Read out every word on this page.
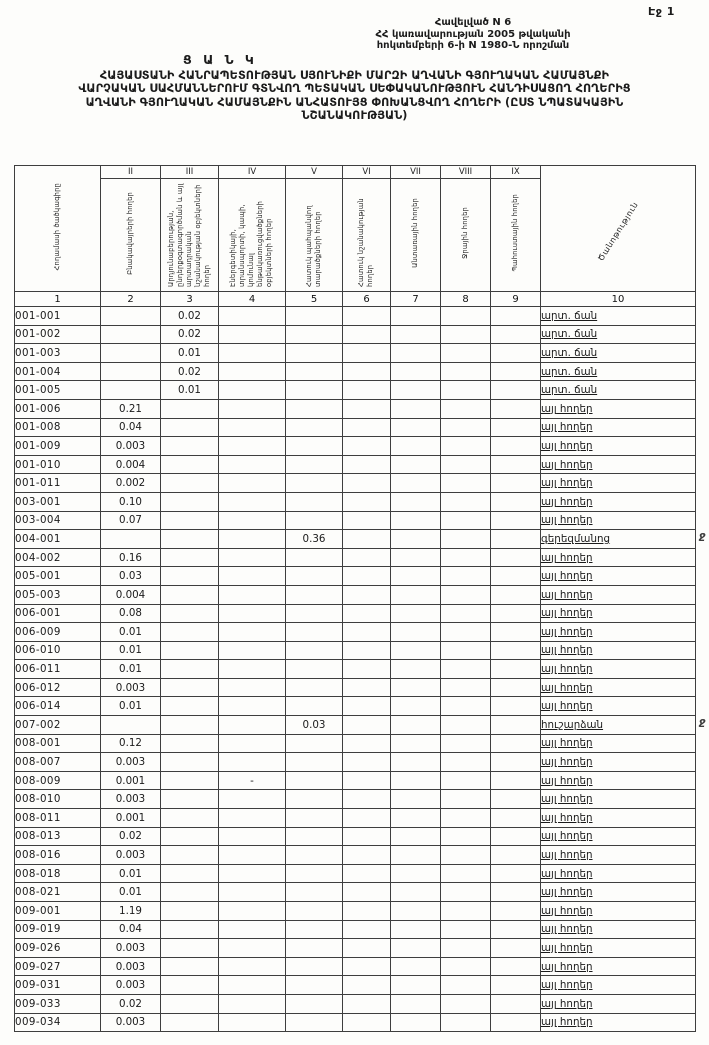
Էջ 1
Հավելված N 6
ՀՀ կառավարության 2005 թվականի
հոկտեմբերի 6-ի N 1980-Ն որոշման
Ց Ա Ն Կ
ՀԱՅԱՍՏԱՆԻ ՀԱՆՐԱՊԵՏՈՒԹՅԱՆ ՍՅՈՒՆԻՔԻ ՄԱՐԶԻ ԱՂՎԱՆԻ ԳՅՈՒՂԱԿԱՆ ՀԱՄԱՅՆՔԻ
ՎԱՐՉԱԿԱՆ ՍԱՀՄԱՆՆԵՐՈՒՄ ԳՏՆՎՈՂ ՊԵՏԱԿԱՆ ՍԵՓԱԿԱՆՈՒԹՅՈՒՆ ՀԱՆԴԻՍԱՑՈՂ ՀՈՂԵՐԻՑ
ԱՂՎԱՆԻ ԳՅՈՒՂԱԿԱՆ ՀԱՄԱՅՆՔԻՆ ԱՆՀԱՏՈՒՅՑ ՓՈԽԱՆՑՎՈՂ ՀՈՂԵՐԻ (ԸՍՏ ՆՊԱՏԱԿԱՅԻՆ
ՆՇԱՆԱԿՈՒԹՅԱՆ)
Հողամասի ծածկագիրը	II	III	IV	V	VI	VII	VIII	IX	Ծանոթություն
	Բնակավայրերի հողեր	Արդյունաբերության, ընդերքօգտագործման և այլ արտադրական նշանակության օբյեկտների հողեր	Էներգետիկայի, տրանսպորտի, կապի, կոմունալ ենթակառուցվածքների օբյեկտների հողեր	Հատուկ պահպանվող տարածքների հողեր	Հատուկ նշանակության հողեր	Անտառային հողեր	Ջրային հողեր	Պահուստային հողեր	
1	2	3	4	5	6	7	8	9	10
001-001		0.02							արտ. ճան
001-002		0.02							արտ. ճան
001-003		0.01							արտ. ճան
001-004		0.02							արտ. ճան
001-005		0.01							արտ. ճան
001-006	0.21								այլ հողեր
001-008	0.04								այլ հողեր
001-009	0.003								այլ հողեր
001-010	0.004								այլ հողեր
001-011	0.002								այլ հողեր
003-001	0.10								այլ հողեր
003-004	0.07								այլ հողեր
004-001				0.36					գերեզմանոց
004-002	0.16								այլ հողեր
005-001	0.03								այլ հողեր
005-003	0.004								այլ հողեր
006-001	0.08								այլ հողեր
006-009	0.01								այլ հողեր
006-010	0.01								այլ հողեր
006-011	0.01								այլ հողեր
006-012	0.003								այլ հողեր
006-014	0.01								այլ հողեր
007-002				0.03					հուշարձան
008-001	0.12								այլ հողեր
008-007	0.003								այլ հողեր
008-009	0.001		-						այլ հողեր
008-010	0.003								այլ հողեր
008-011	0.001								այլ հողեր
008-013	0.02								այլ հողեր
008-016	0.003								այլ հողեր
008-018	0.01								այլ հողեր
008-021	0.01								այլ հողեր
009-001	1.19								այլ հողեր
009-019	0.04								այլ հողեր
009-026	0.003								այլ հողեր
009-027	0.003								այլ հողեր
009-031	0.003								այլ հողեր
009-033	0.02								այլ հողեր
009-034	0.003								այլ հողեր
ջ
ջ
